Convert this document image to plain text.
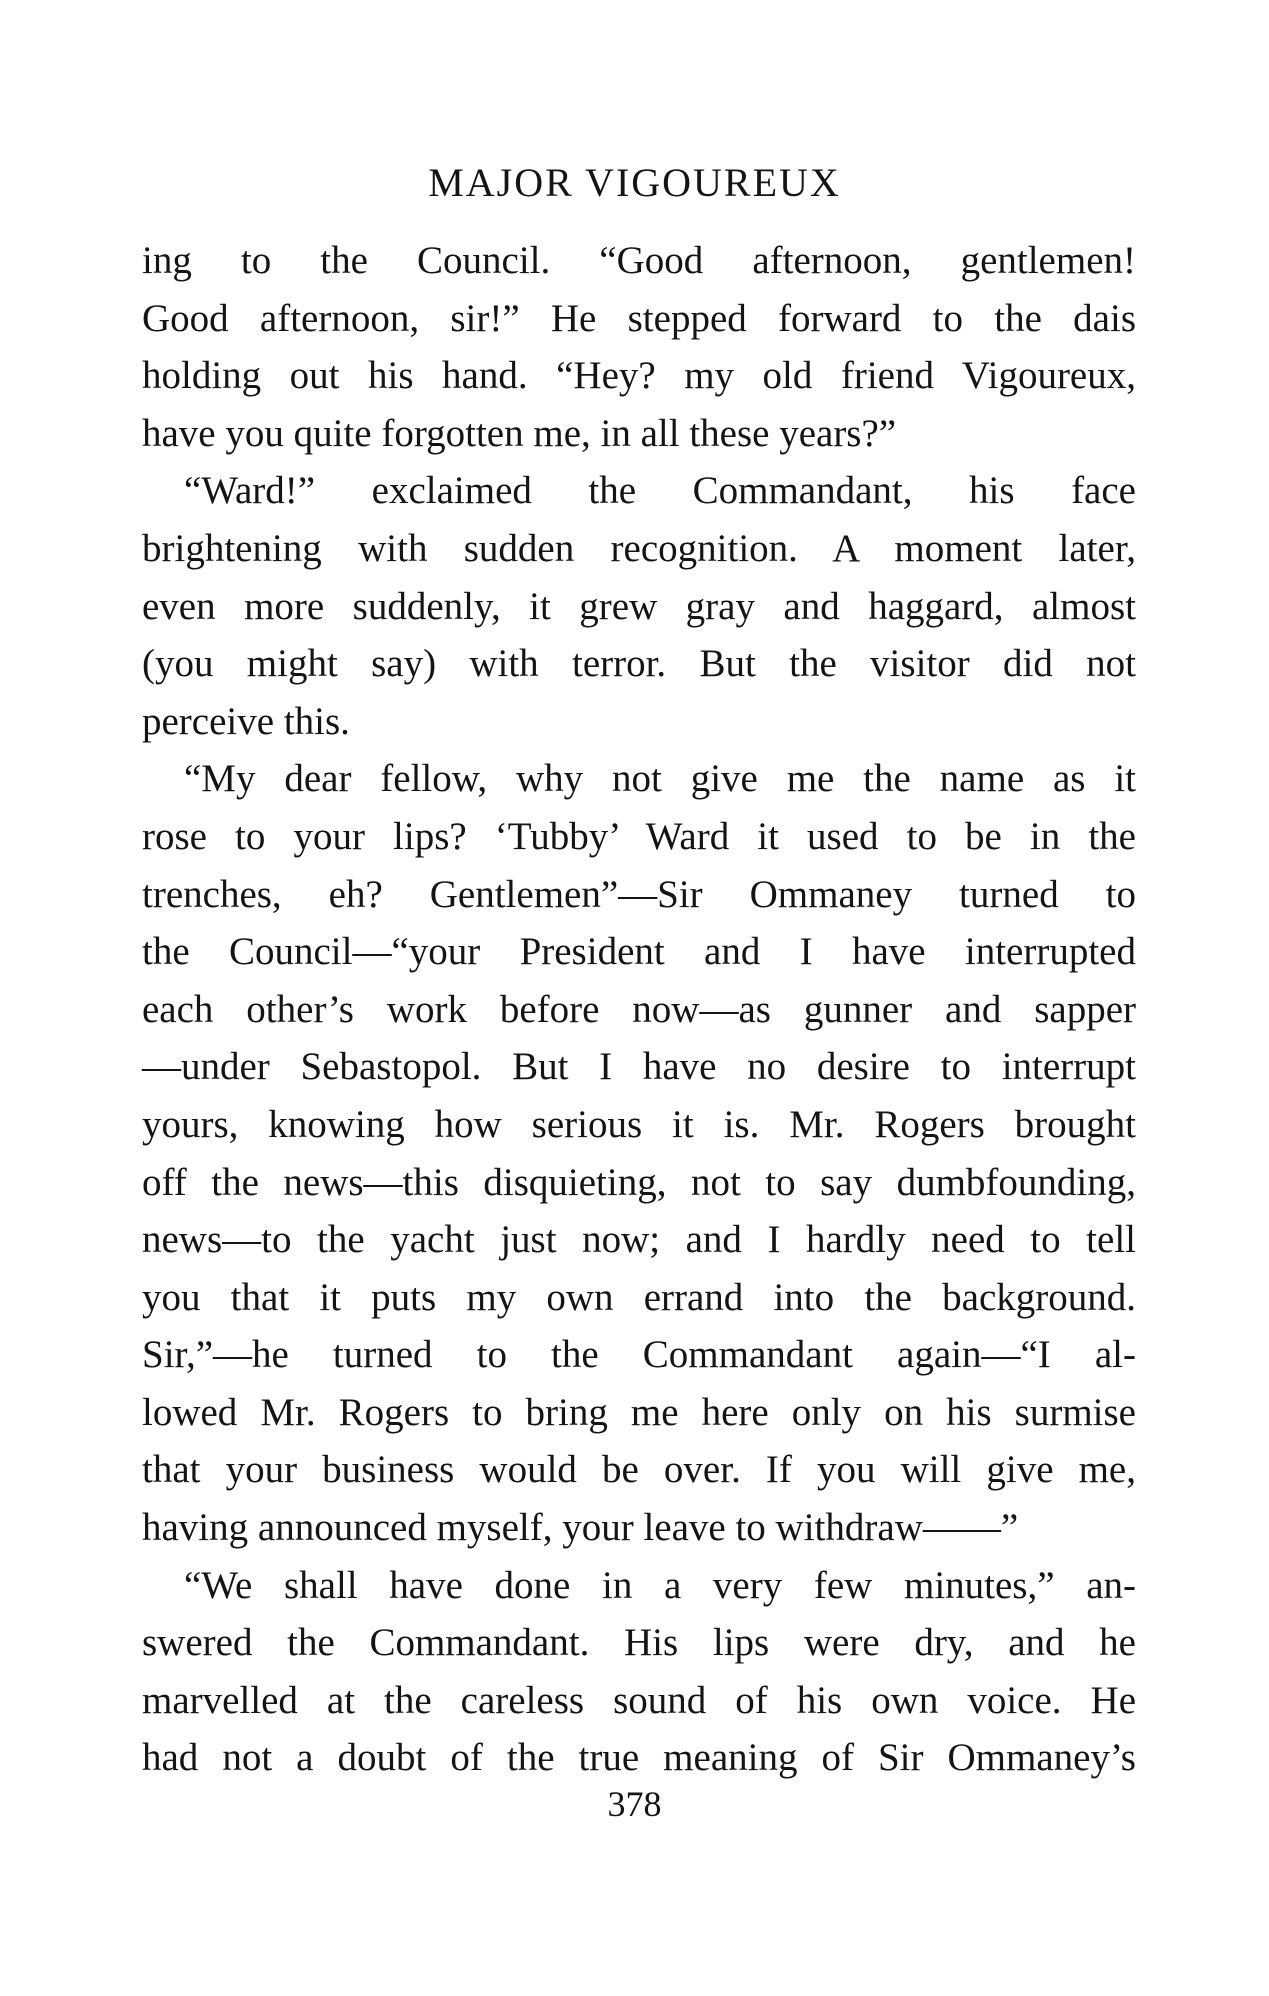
MAJOR VIGOUREUX
ing to the Council. “Good afternoon, gentlemen!
Good afternoon, sir!” He stepped forward to the dais
holding out his hand. “Hey? my old friend Vigoureux,
have you quite forgotten me, in all these years?”
“Ward!” exclaimed the Commandant, his face
brightening with sudden recognition. A moment later,
even more suddenly, it grew gray and haggard, almost
(you might say) with terror. But the visitor did not
perceive this.
“My dear fellow, why not give me the name as it
rose to your lips? ‘Tubby’ Ward it used to be in the
trenches, eh? Gentlemen”—Sir Ommaney turned to
the Council—“your President and I have interrupted
each other’s work before now—as gunner and sapper
—under Sebastopol. But I have no desire to interrupt
yours, knowing how serious it is. Mr. Rogers brought
off the news—this disquieting, not to say dumbfounding,
news—to the yacht just now; and I hardly need to tell
you that it puts my own errand into the background.
Sir,”—he turned to the Commandant again—“I al-
lowed Mr. Rogers to bring me here only on his surmise
that your business would be over. If you will give me,
having announced myself, your leave to withdraw——”
“We shall have done in a very few minutes,” an-
swered the Commandant. His lips were dry, and he
marvelled at the careless sound of his own voice. He
had not a doubt of the true meaning of Sir Ommaney’s
378
